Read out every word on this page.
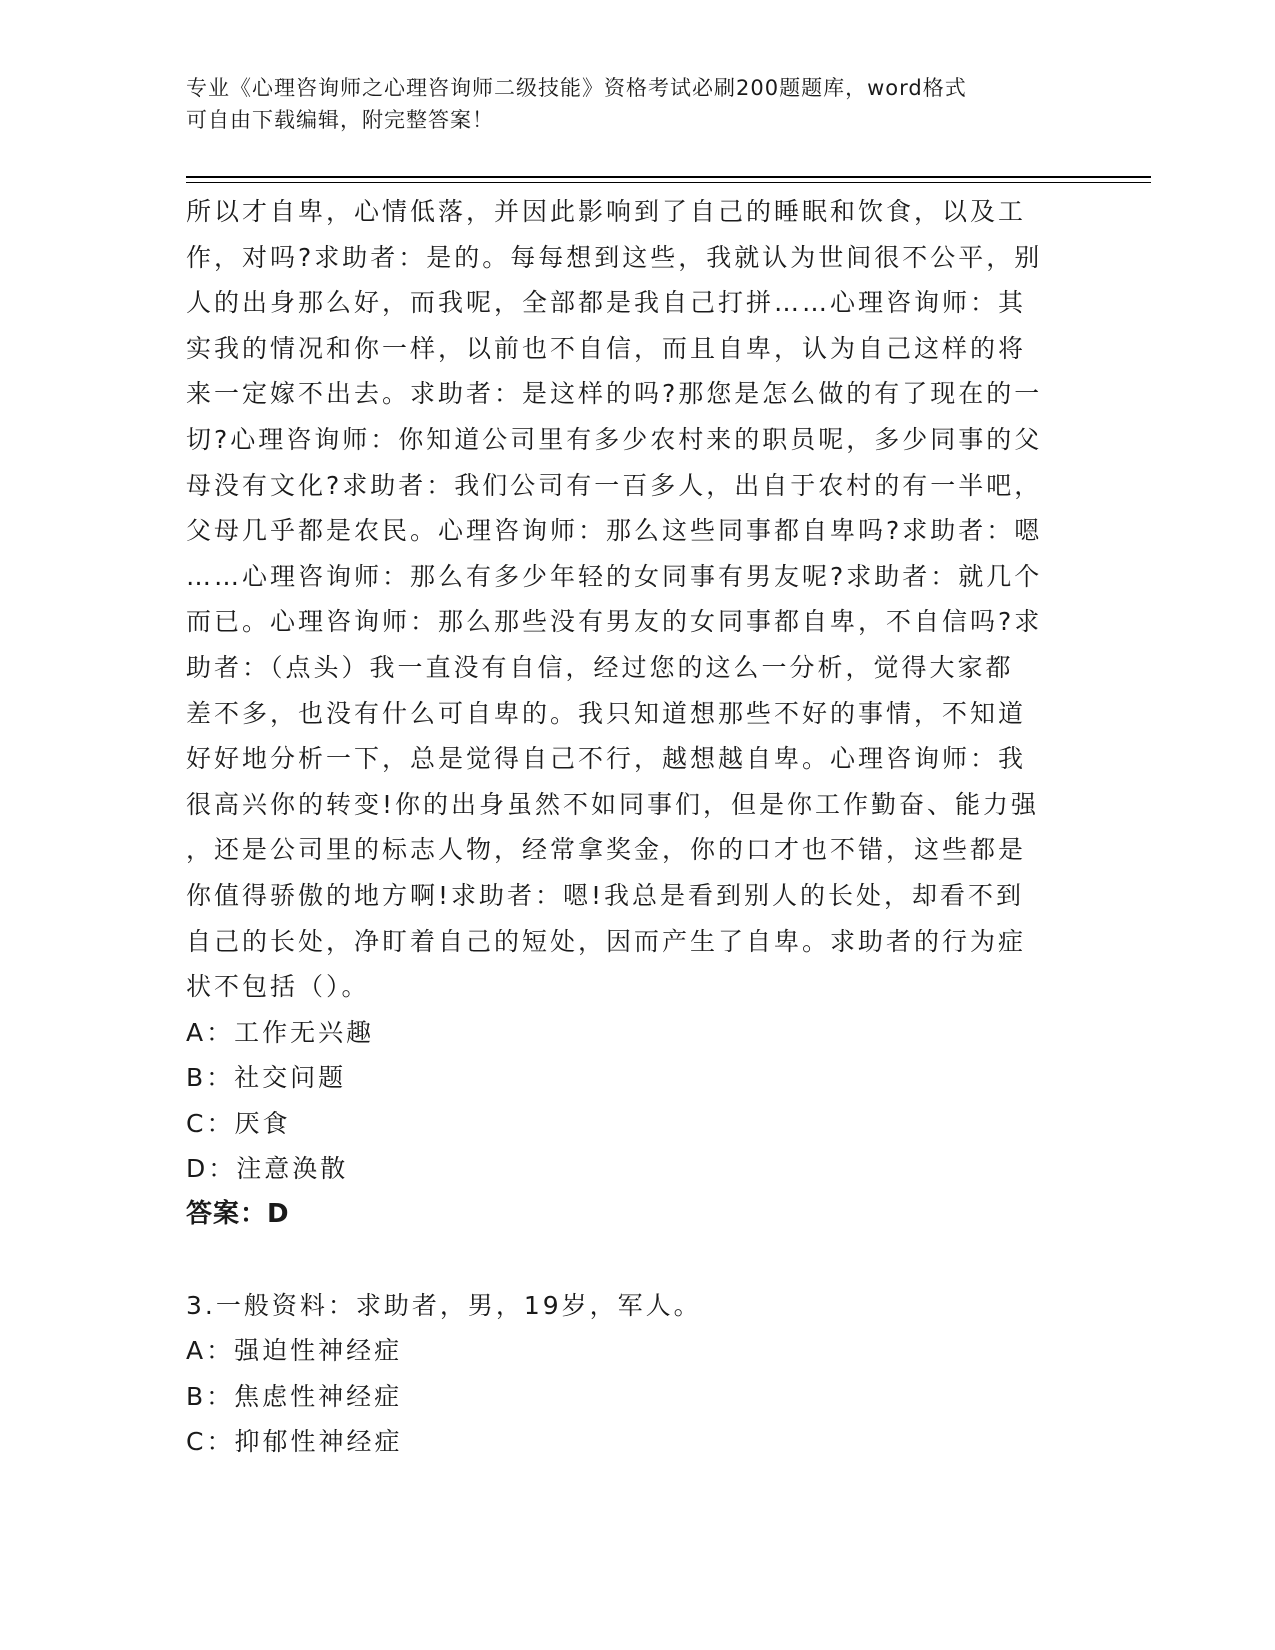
专业《心理咨询师之心理咨询师二级技能》资格考试必刷200题题库，word格式
可自由下载编辑，附完整答案！
所以才自卑，心情低落，并因此影响到了自己的睡眠和饮食，以及工
作，对吗?求助者：是的。每每想到这些，我就认为世间很不公平，别
人的出身那么好，而我呢，全部都是我自己打拼……心理咨询师：其
实我的情况和你一样，以前也不自信，而且自卑，认为自己这样的将
来一定嫁不出去。求助者：是这样的吗?那您是怎么做的有了现在的一
切?心理咨询师：你知道公司里有多少农村来的职员呢，多少同事的父
母没有文化?求助者：我们公司有一百多人，出自于农村的有一半吧，
父母几乎都是农民。心理咨询师：那么这些同事都自卑吗?求助者：嗯
……心理咨询师：那么有多少年轻的女同事有男友呢?求助者：就几个
而已。心理咨询师：那么那些没有男友的女同事都自卑，不自信吗?求
助者：（点头）我一直没有自信，经过您的这么一分析，觉得大家都
差不多，也没有什么可自卑的。我只知道想那些不好的事情，不知道
好好地分析一下，总是觉得自己不行，越想越自卑。心理咨询师：我
很高兴你的转变!你的出身虽然不如同事们，但是你工作勤奋、能力强
，还是公司里的标志人物，经常拿奖金，你的口才也不错，这些都是
你值得骄傲的地方啊!求助者：嗯!我总是看到别人的长处，却看不到
自己的长处，净盯着自己的短处，因而产生了自卑。求助者的行为症
状不包括（）。
A：工作无兴趣
B：社交问题
C：厌食
D：注意涣散
答案：D
3.一般资料：求助者，男，19岁，军人。
A：强迫性神经症
B：焦虑性神经症
C：抑郁性神经症
